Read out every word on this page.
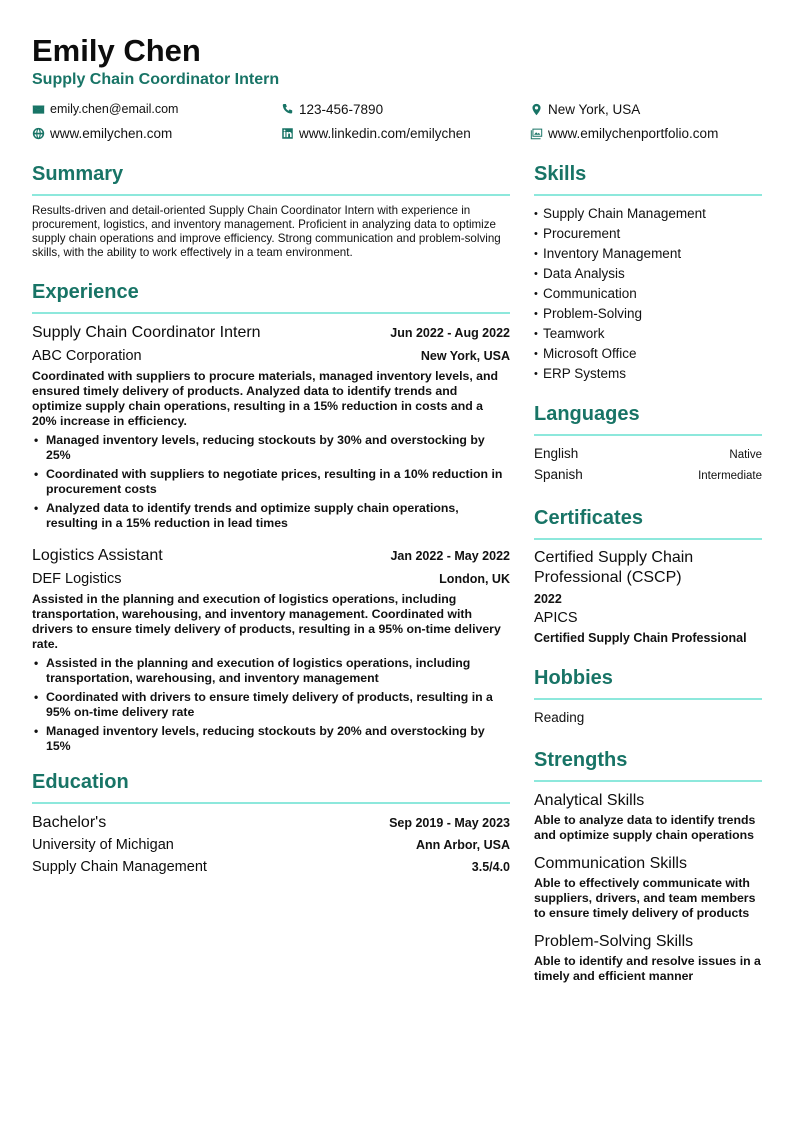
Emily Chen
Supply Chain Coordinator Intern
emily.chen@email.com	123-456-7890	New York, USA
www.emilychen.com	www.linkedin.com/emilychen	www.emilychenportfolio.com
Summary

Results-driven and detail-oriented Supply Chain Coordinator Intern with experience in procurement, logistics, and inventory management. Proficient in analyzing data to optimize supply chain operations and improve efficiency. Strong communication and problem-solving skills, with the ability to work effectively in a team environment.

Experience
Supply Chain Coordinator Intern	Jun 2022 - Aug 2022
ABC Corporation	New York, USA

Coordinated with suppliers to procure materials, managed inventory levels, and ensured timely delivery of products. Analyzed data to identify trends and optimize supply chain operations, resulting in a 15% reduction in costs and a 20% increase in efficiency.

• Managed inventory levels, reducing stockouts by 30% and overstocking by 25%
• Coordinated with suppliers to negotiate prices, resulting in a 10% reduction in procurement costs
• Analyzed data to identify trends and optimize supply chain operations, resulting in a 15% reduction in lead times
Logistics Assistant	Jan 2022 - May 2022
DEF Logistics	London, UK

Assisted in the planning and execution of logistics operations, including transportation, warehousing, and inventory management. Coordinated with drivers to ensure timely delivery of products, resulting in a 95% on-time delivery rate.

• Assisted in the planning and execution of logistics operations, including transportation, warehousing, and inventory management
• Coordinated with drivers to ensure timely delivery of products, resulting in a 95% on-time delivery rate
• Managed inventory levels, reducing stockouts by 20% and overstocking by 15%
Education
Bachelor's	Sep 2019 - May 2023
University of Michigan	Ann Arbor, USA
Supply Chain Management	3.5/4.0
Skills
• Supply Chain Management
• Procurement
• Inventory Management
• Data Analysis
• Communication
• Problem-Solving
• Teamwork
• Microsoft Office
• ERP Systems
Languages
English	Native
Spanish	Intermediate
Certificates
Certified Supply Chain Professional (CSCP)
2022
APICS
Certified Supply Chain Professional
Hobbies
Reading
Strengths
Analytical Skills
Able to analyze data to identify trends and optimize supply chain operations
Communication Skills
Able to effectively communicate with suppliers, drivers, and team members to ensure timely delivery of products
Problem-Solving Skills
Able to identify and resolve issues in a timely and efficient manner
